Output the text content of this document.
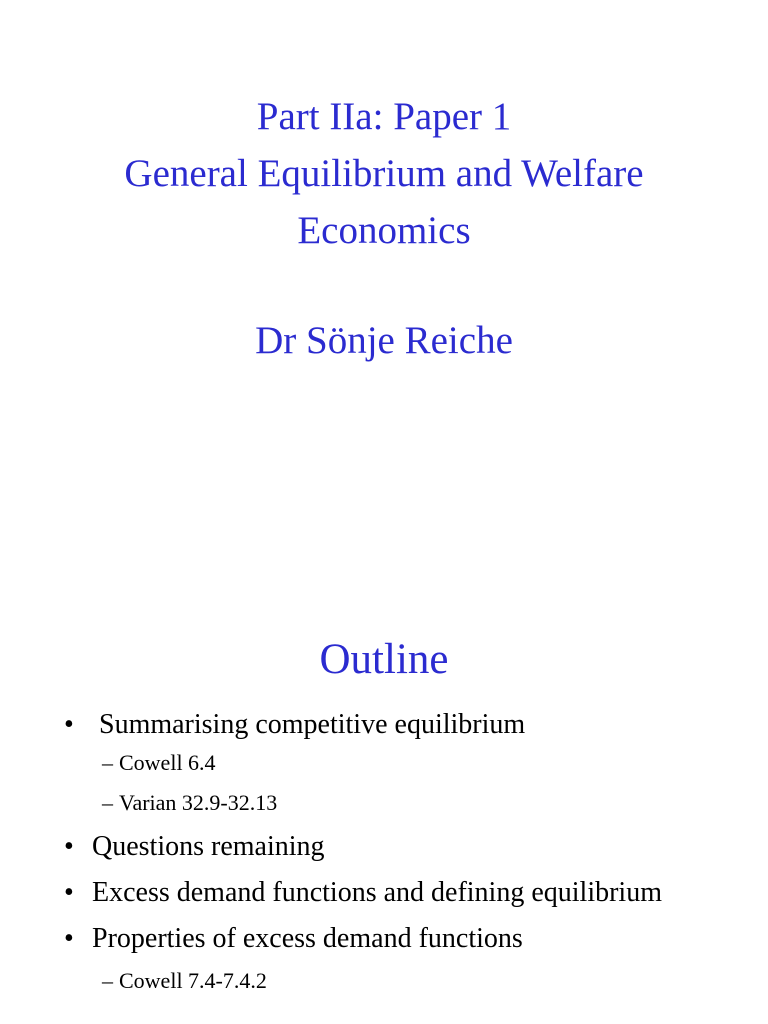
Part IIa: Paper 1
General Equilibrium and Welfare
Economics
Dr Sönje Reiche
Outline
• Summarising competitive equilibrium
– Cowell 6.4
– Varian 32.9-32.13
• Questions remaining
• Excess demand functions and defining equilibrium
• Properties of excess demand functions
– Cowell 7.4-7.4.2
